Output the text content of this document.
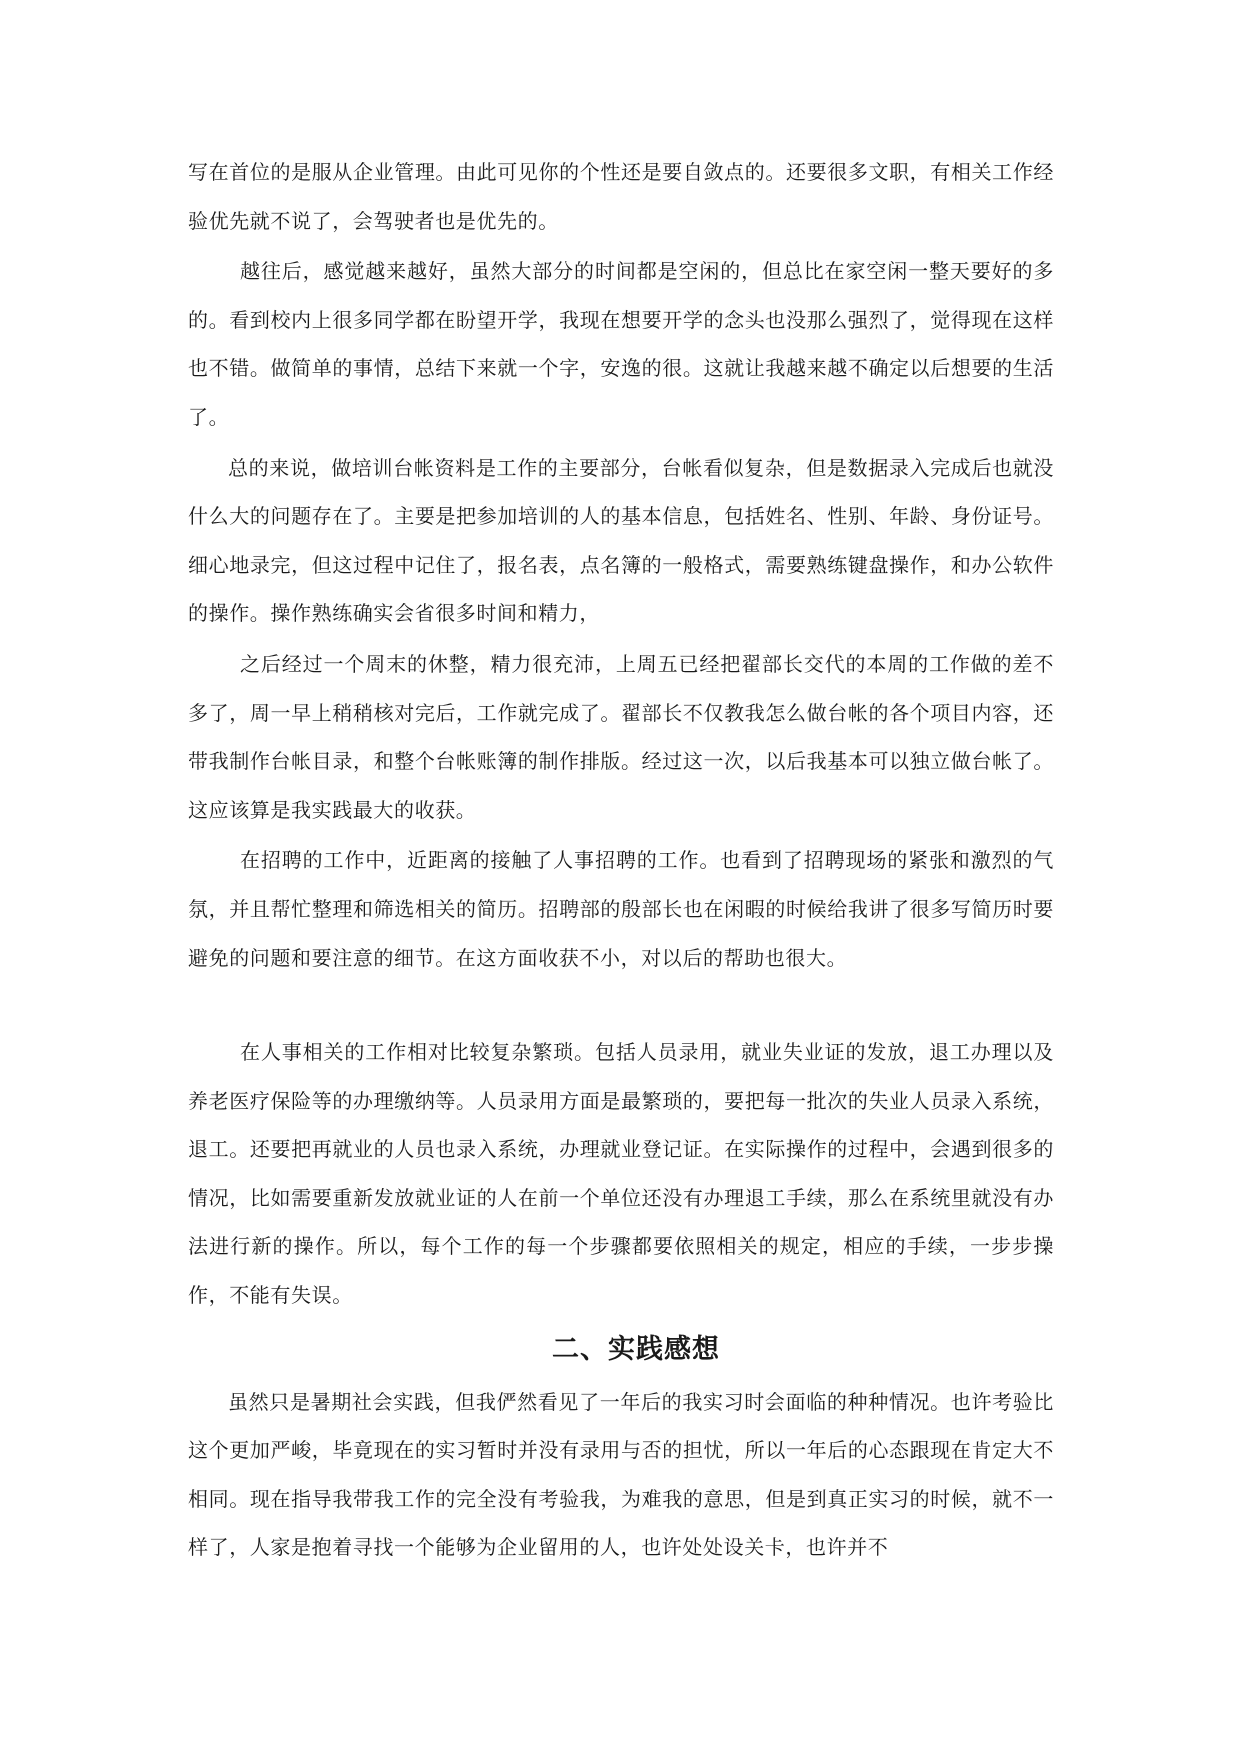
写在首位的是服从企业管理。由此可见你的个性还是要自敛点的。还要很多文职，有相关工作经验优先就不说了，会驾驶者也是优先的。

越往后，感觉越来越好，虽然大部分的时间都是空闲的，但总比在家空闲一整天要好的多的。看到校内上很多同学都在盼望开学，我现在想要开学的念头也没那么强烈了，觉得现在这样也不错。做简单的事情，总结下来就一个字，安逸的很。这就让我越来越不确定以后想要的生活了。

总的来说，做培训台帐资料是工作的主要部分，台帐看似复杂，但是数据录入完成后也就没什么大的问题存在了。主要是把参加培训的人的基本信息，包括姓名、性别、年龄、身份证号。细心地录完，但这过程中记住了，报名表，点名簿的一般格式，需要熟练键盘操作，和办公软件的操作。操作熟练确实会省很多时间和精力，

之后经过一个周末的休整，精力很充沛，上周五已经把翟部长交代的本周的工作做的差不多了，周一早上稍稍核对完后，工作就完成了。翟部长不仅教我怎么做台帐的各个项目内容，还带我制作台帐目录，和整个台帐账簿的制作排版。经过这一次，以后我基本可以独立做台帐了。这应该算是我实践最大的收获。

在招聘的工作中，近距离的接触了人事招聘的工作。也看到了招聘现场的紧张和激烈的气氛，并且帮忙整理和筛选相关的简历。招聘部的殷部长也在闲暇的时候给我讲了很多写简历时要避免的问题和要注意的细节。在这方面收获不小，对以后的帮助也很大。

在人事相关的工作相对比较复杂繁琐。包括人员录用，就业失业证的发放，退工办理以及养老医疗保险等的办理缴纳等。人员录用方面是最繁琐的，要把每一批次的失业人员录入系统，退工。还要把再就业的人员也录入系统，办理就业登记证。在实际操作的过程中，会遇到很多的情况，比如需要重新发放就业证的人在前一个单位还没有办理退工手续，那么在系统里就没有办法进行新的操作。所以，每个工作的每一个步骤都要依照相关的规定，相应的手续，一步步操作，不能有失误。

二、实践感想

虽然只是暑期社会实践，但我俨然看见了一年后的我实习时会面临的种种情况。也许考验比这个更加严峻，毕竟现在的实习暂时并没有录用与否的担忧，所以一年后的心态跟现在肯定大不相同。现在指导我带我工作的完全没有考验我，为难我的意思，但是到真正实习的时候，就不一样了，人家是抱着寻找一个能够为企业留用的人，也许处处设关卡，也许并不
